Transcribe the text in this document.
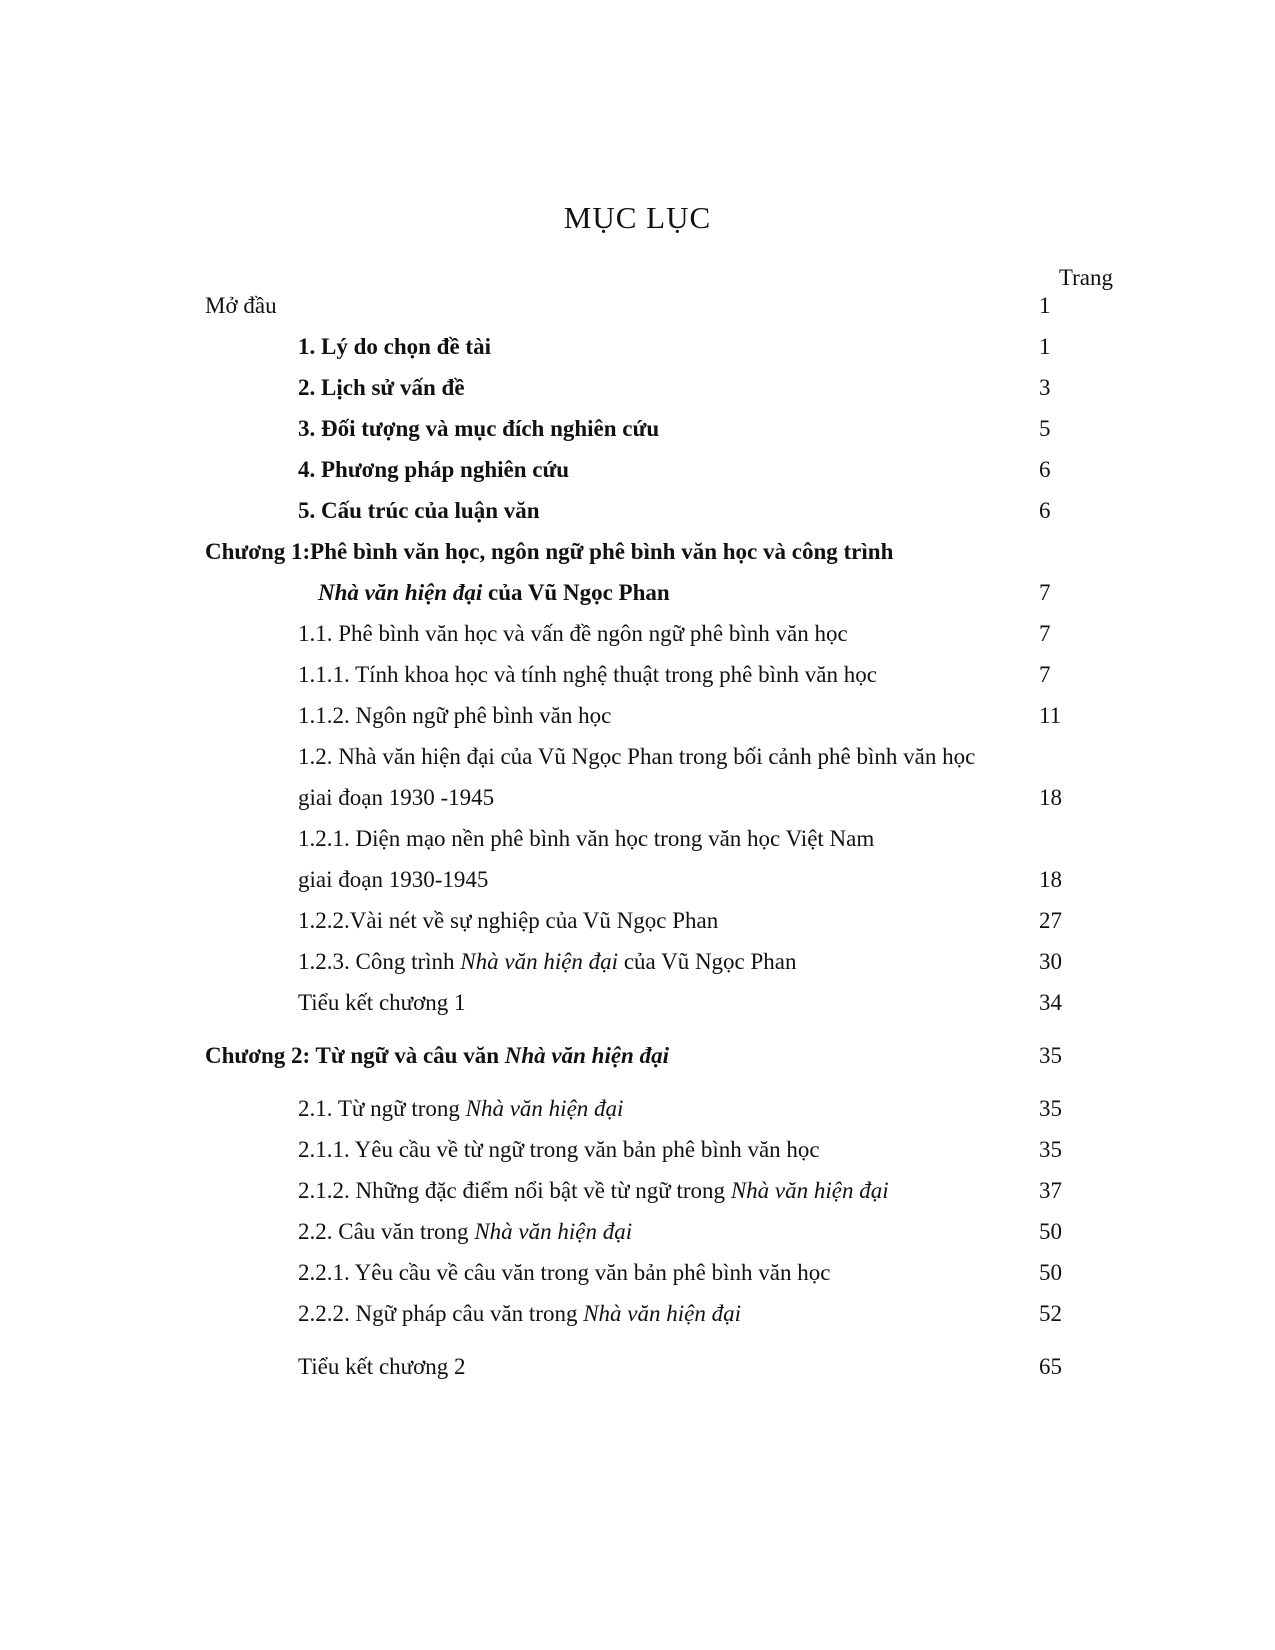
MỤC LỤC
Trang
Mở đầu	1
1. Lý do chọn đề tài	1
2. Lịch sử vấn đề	3
3. Đối tượng và mục đích nghiên cứu	5
4. Phương pháp nghiên cứu	6
5. Cấu trúc của luận văn	6
Chương 1:Phê bình văn học, ngôn ngữ phê bình văn học và công trình
Nhà văn hiện đại của Vũ Ngọc Phan	7
1.1. Phê bình văn học và vấn đề ngôn ngữ phê bình văn học	7
1.1.1. Tính khoa học và tính nghệ thuật trong phê bình văn học	7
1.1.2. Ngôn ngữ phê bình văn học	11
1.2. Nhà văn hiện đại của Vũ Ngọc Phan trong bối cảnh phê bình văn học
giai đoạn 1930 -1945	18
1.2.1. Diện mạo nền phê bình văn học trong văn học Việt Nam
giai đoạn 1930-1945	18
1.2.2.Vài nét về sự nghiệp của Vũ Ngọc Phan	27
1.2.3. Công trình Nhà văn hiện đại của Vũ Ngọc Phan	30
Tiểu kết chương 1	34
Chương 2: Từ ngữ và câu văn Nhà văn hiện đại	35
2.1. Từ ngữ trong Nhà văn hiện đại	35
2.1.1. Yêu cầu về từ ngữ trong văn bản phê bình văn học	35
2.1.2. Những đặc điểm nổi bật về từ ngữ trong Nhà văn hiện đại	37
2.2. Câu văn trong Nhà văn hiện đại	50
2.2.1. Yêu cầu về câu văn trong văn bản phê bình văn học	50
2.2.2. Ngữ pháp câu văn trong Nhà văn hiện đại	52
Tiểu kết chương 2	65
